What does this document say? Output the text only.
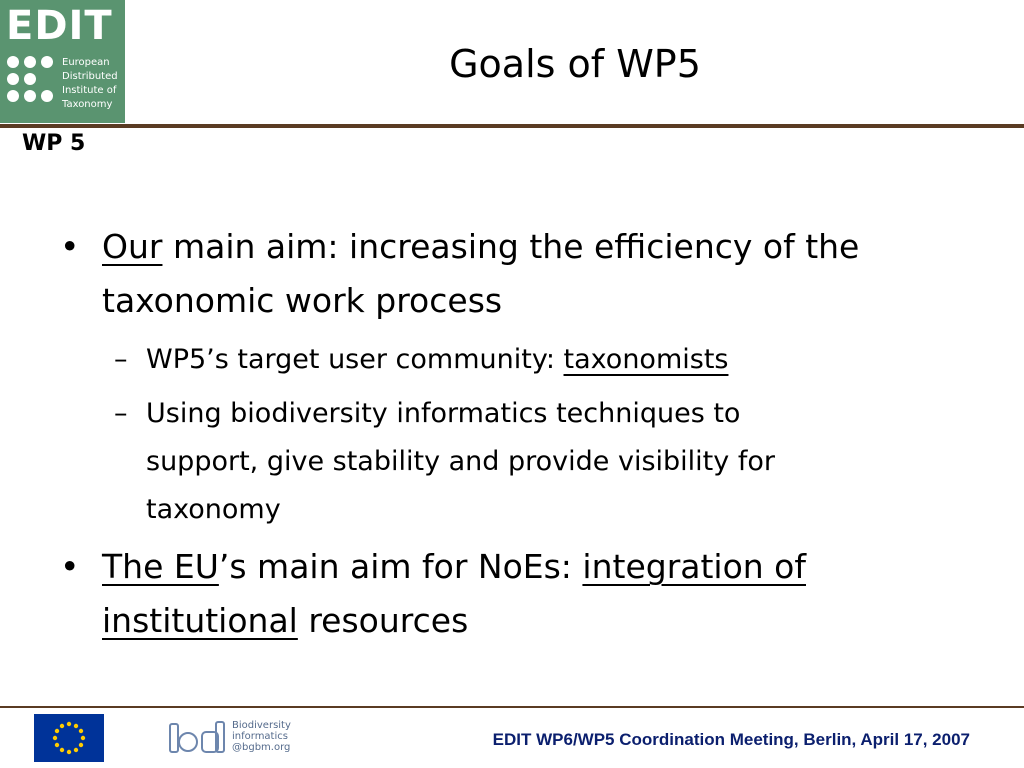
EDIT
European
Distributed
Institute of
Taxonomy
Goals of WP5
WP 5
• Our main aim: increasing the efficiency of the
taxonomic work process
– WP5’s target user community: taxonomists
– Using biodiversity informatics techniques to
support, give stability and provide visibility for
taxonomy
• The EU’s main aim for NoEs: integration of
institutional resources
Biodiversity
informatics
@bgbm.org	EDIT WP6/WP5 Coordination Meeting, Berlin, April 17, 2007
